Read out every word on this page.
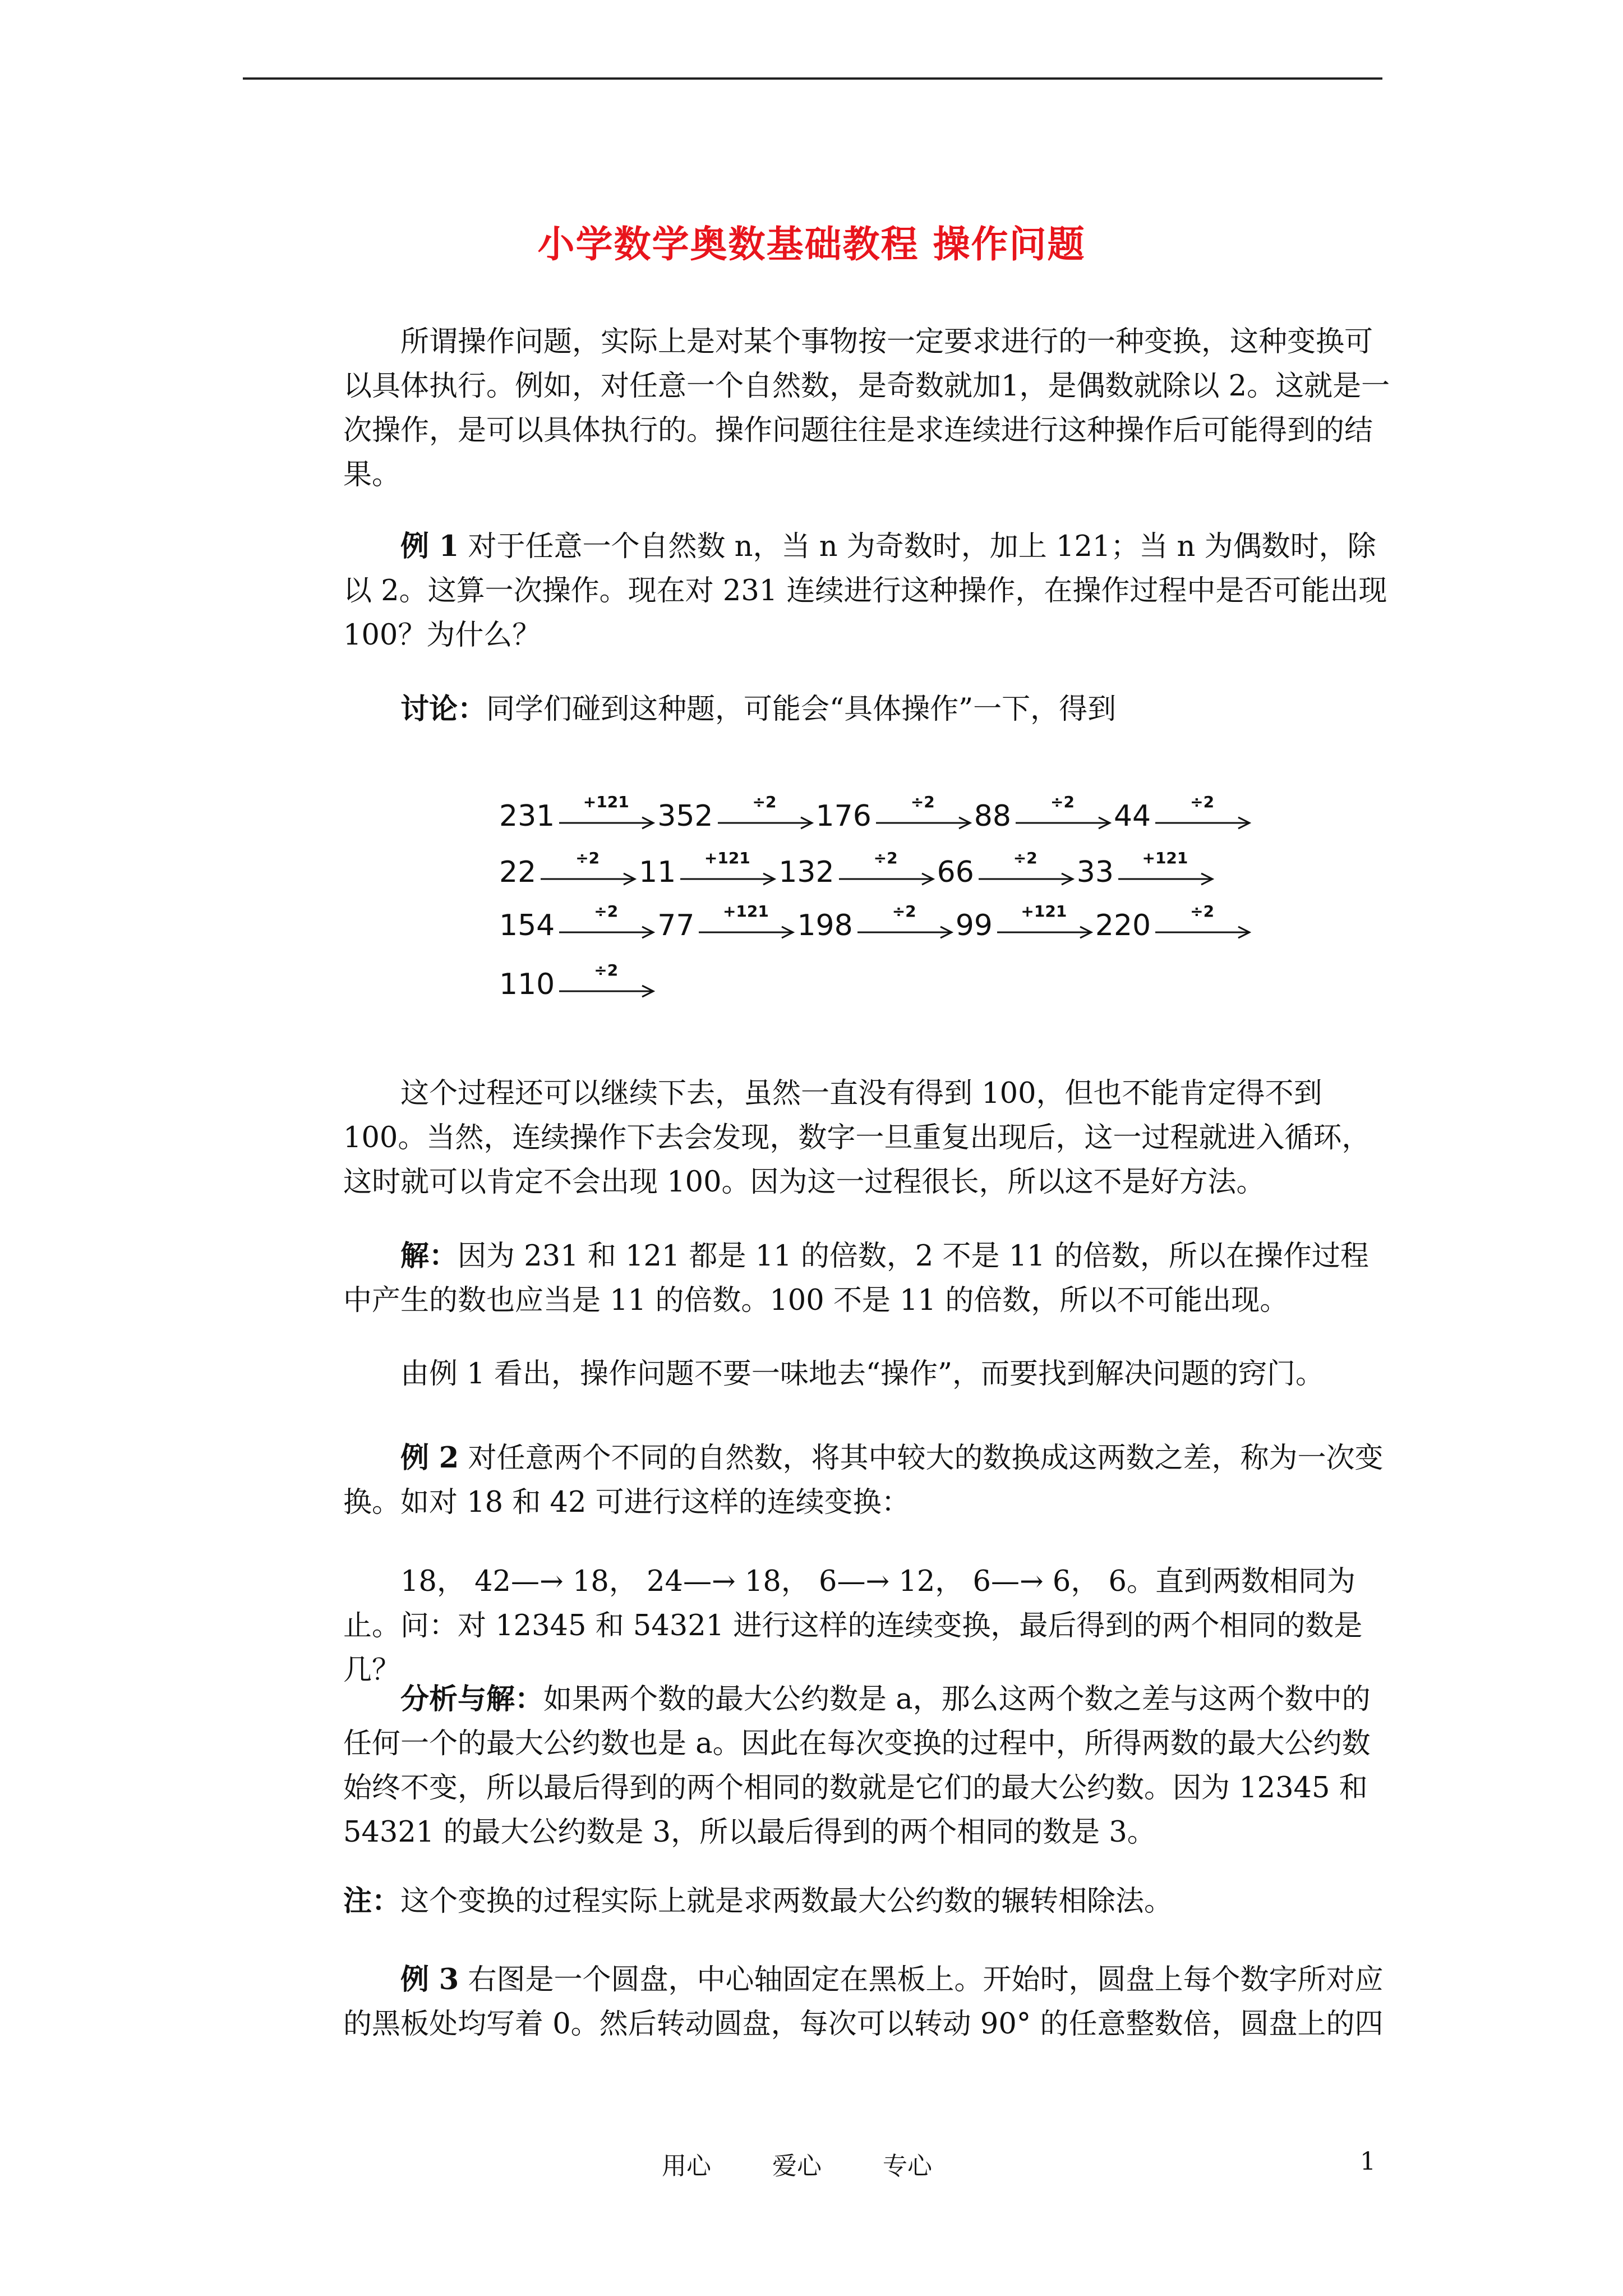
小学数学奥数基础教程 操作问题

所谓操作问题，实际上是对某个事物按一定要求进行的一种变换，这种变换可以具体执行。例如，对任意一个自然数，是奇数就加1，是偶数就除以 2。这就是一次操作，是可以具体执行的。操作问题往往是求连续进行这种操作后可能得到的结果。

例 1 对于任意一个自然数 n，当 n 为奇数时，加上 121；当 n 为偶数时，除以 2。这算一次操作。现在对 231 连续进行这种操作，在操作过程中是否可能出现 100？为什么？

讨论：同学们碰到这种题，可能会“具体操作”一下，得到

231	+121 352	÷2	176	÷2	88	÷2	44	÷2
22	÷2	11	+121 132	÷2	66	÷2	33	+121
154	÷2	77	+121 198	÷2	99	+121 220	÷2
110	÷2

这个过程还可以继续下去，虽然一直没有得到 100，但也不能肯定得不到 100。当然，连续操作下去会发现，数字一旦重复出现后，这一过程就进入循环，这时就可以肯定不会出现 100。因为这一过程很长，所以这不是好方法。

解：因为 231 和 121 都是 11 的倍数，2 不是 11 的倍数，所以在操作过程中产生的数也应当是 11 的倍数。100 不是 11 的倍数，所以不可能出现。

由例 1 看出，操作问题不要一味地去“操作”，而要找到解决问题的窍门。

例 2 对任意两个不同的自然数，将其中较大的数换成这两数之差，称为一次变换。如对 18 和 42 可进行这样的连续变换：

18， 42—→ 18， 24—→ 18， 6—→ 12， 6—→ 6， 6。直到两数相同为止。问：对 12345 和 54321 进行这样的连续变换，最后得到的两个相同的数是几？

分析与解：如果两个数的最大公约数是 a，那么这两个数之差与这两个数中的任何一个的最大公约数也是 a。因此在每次变换的过程中，所得两数的最大公约数始终不变，所以最后得到的两个相同的数就是它们的最大公约数。因为 12345 和 54321 的最大公约数是 3，所以最后得到的两个相同的数是 3。

注：这个变换的过程实际上就是求两数最大公约数的辗转相除法。

例 3 右图是一个圆盘，中心轴固定在黑板上。开始时，圆盘上每个数字所对应的黑板处均写着 0。然后转动圆盘，每次可以转动 90° 的任意整数倍，圆盘上的四

用心 爱心 专心	1
